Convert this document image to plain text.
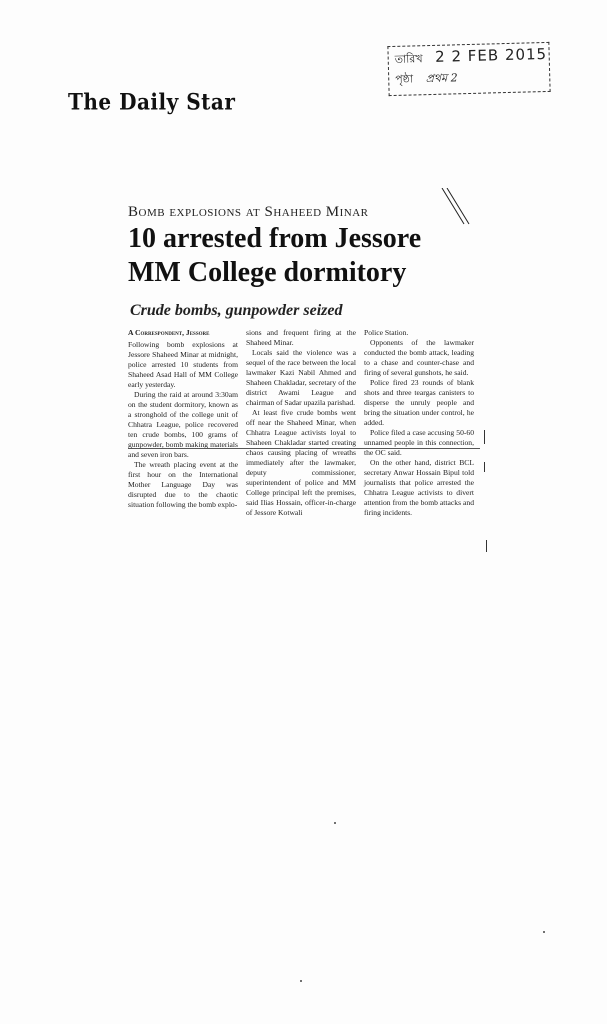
তারিখ 2 2 FEB 2015
পৃষ্ঠা প্রথম 2
The Daily Star
Bomb explosions at Shaheed Minar
10 arrested from Jessore MM College dormitory
Crude bombs, gunpowder seized
A Correspondent, Jessore

Following bomb explosions at Jessore Shaheed Minar at midnight, police arrested 10 students from Shaheed Asad Hall of MM College early yesterday.

During the raid at around 3:30am on the student dormitory, known as a stronghold of the college unit of Chhatra League, police recovered ten crude bombs, 100 grams of gunpowder, bomb making materials and seven iron bars.

The wreath placing event at the first hour on the International Mother Language Day was disrupted due to the chaotic situation following the bomb explo-

sions and frequent firing at the Shaheed Minar.

Locals said the violence was a sequel of the race between the local lawmaker Kazi Nabil Ahmed and Shaheen Chakladar, secretary of the district Awami League and chairman of Sadar upazila parishad.

At least five crude bombs went off near the Shaheed Minar, when Chhatra League activists loyal to Shaheen Chakladar started creating chaos causing placing of wreaths immediately after the lawmaker, deputy commissioner, superintendent of police and MM College principal left the premises, said Ilias Hossain, officer-in-charge of Jessore Kotwali

Police Station.

Opponents of the lawmaker conducted the bomb attack, leading to a chase and counter-chase and firing of several gunshots, he said.

Police fired 23 rounds of blank shots and three teargas canisters to disperse the unruly people and bring the situation under control, he added.

Police filed a case accusing 50-60 unnamed people in this connection, the OC said.

On the other hand, district BCL secretary Anwar Hossain Bipul told journalists that police arrested the Chhatra League activists to divert attention from the bomb attacks and firing incidents.
